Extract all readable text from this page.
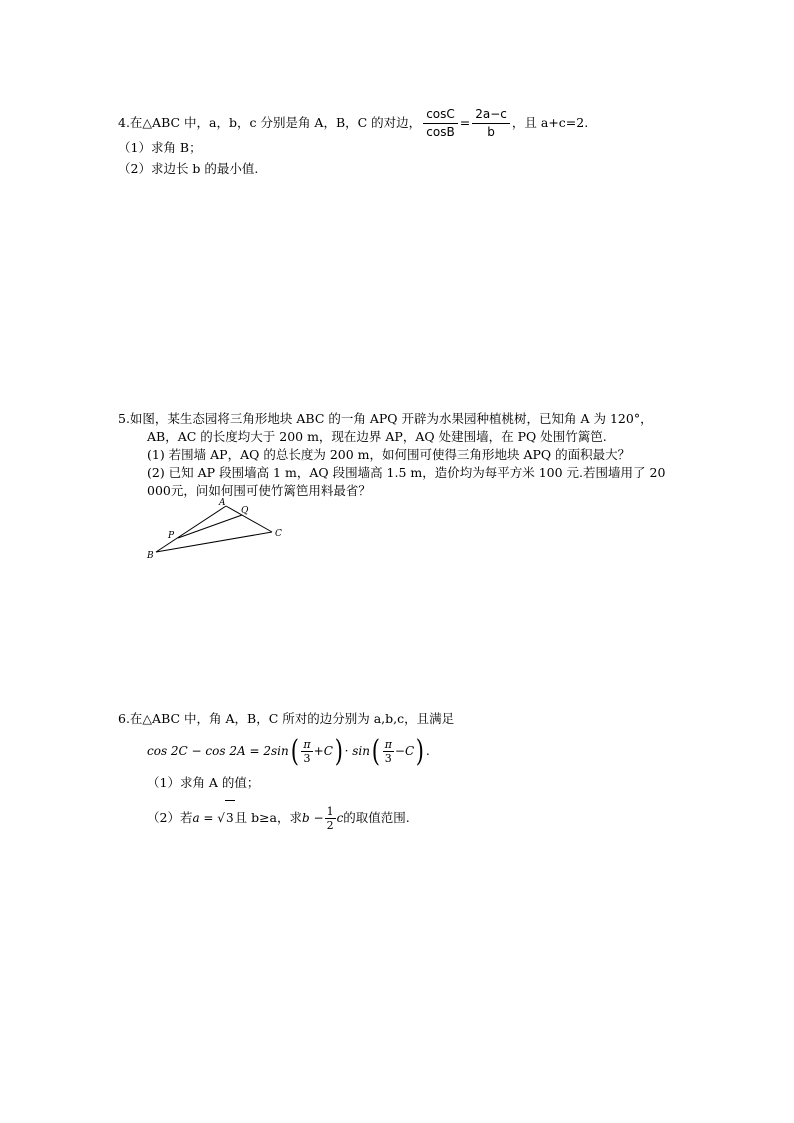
4.在△ABC 中，a，b，c 分别是角 A，B，C 的对边， $\frac{\cos C}{\cos B} = \frac{2a-c}{b}$ ，且 a+c=2.
（1）求角 B；
（2）求边长 b 的最小值.
5.如图，某生态园将三角形地块 ABC 的一角 APQ 开辟为水果园种植桃树，已知角 A 为 120°，
AB，AC 的长度均大于 200 m，现在边界 AP，AQ 处建围墙，在 PQ 处围竹篱笆.
(1) 若围墙 AP，AQ 的总长度为 200 m，如何围可使得三角形地块 APQ 的面积最大？
(2) 已知 AP 段围墙高 1 m，AQ 段围墙高 1.5 m，造价均为每平方米 100 元.若围墙用了 20
000元，问如何围可使竹篱笆用料最省？
A
Q
P	C
B
6.在△ABC 中，角 A，B，C 所对的边分别为 a,b,c，且满足
$\cos 2C - \cos 2A = 2\sin( \frac{\pi}{3} +C) \cdot \sin( \frac{\pi}{3} -C)$ .
（1）求角 A 的值；
（2）若a = √3且 b≥a，求$b - \frac{1}{2}$ c的取值范围.
